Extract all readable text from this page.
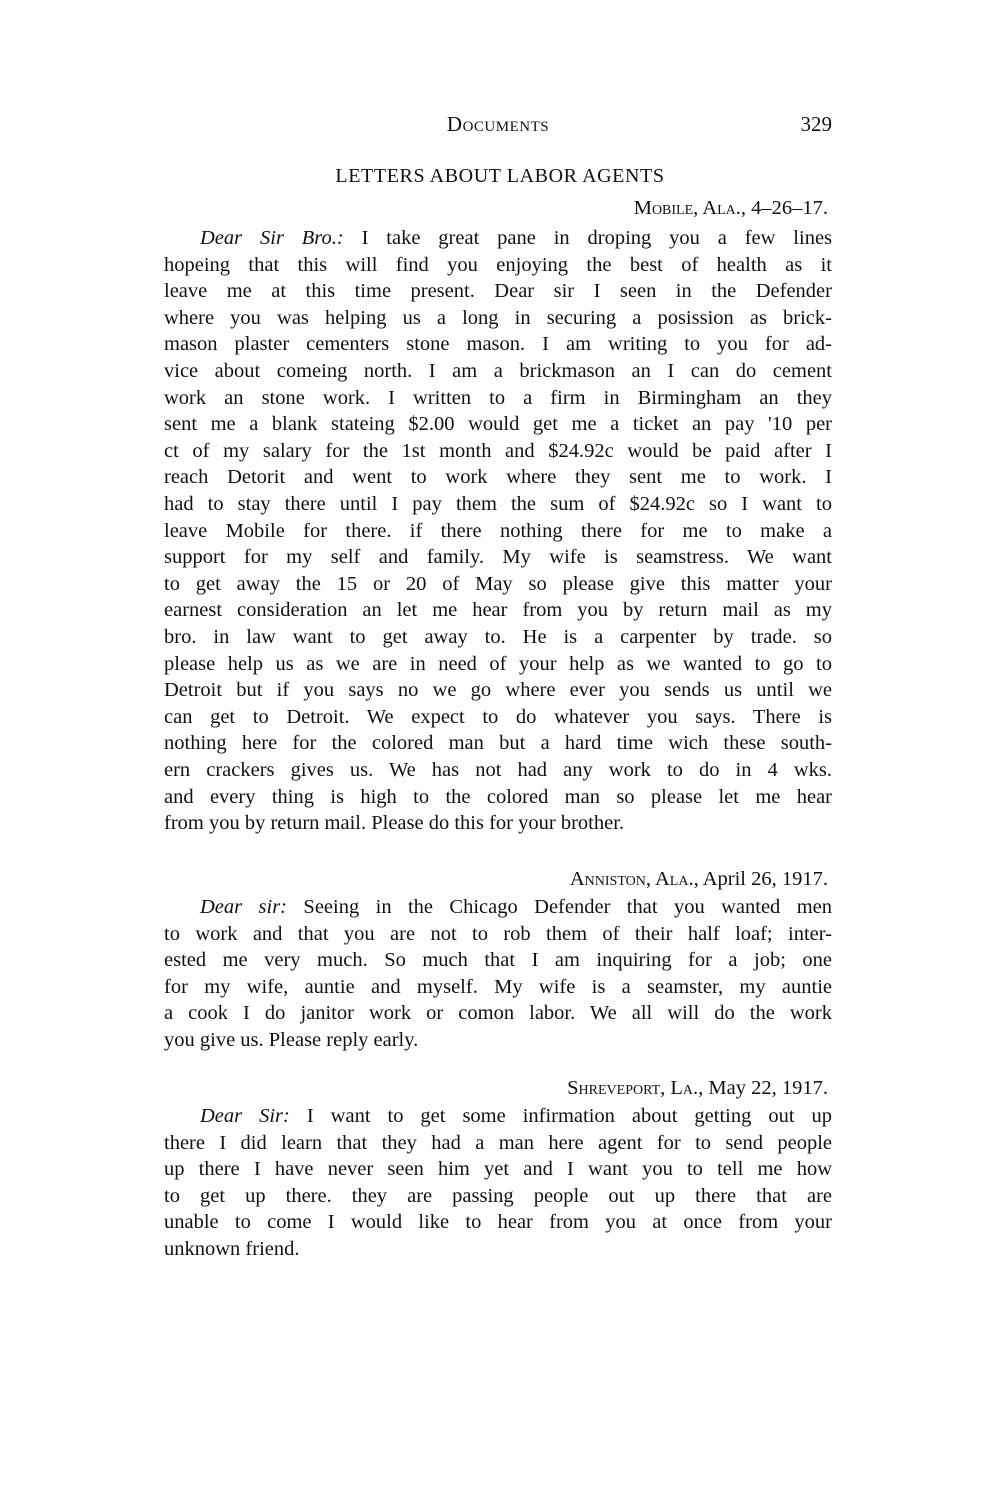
Documents	329
LETTERS ABOUT LABOR AGENTS
Mobile, Ala., 4–26–17.
Dear Sir Bro.: I take great pane in droping you a few lines
hopeing that this will find you enjoying the best of health as it
leave me at this time present. Dear sir I seen in the Defender
where you was helping us a long in securing a posission as brick-
mason plaster cementers stone mason. I am writing to you for ad-
vice about comeing north. I am a brickmason an I can do cement
work an stone work. I written to a firm in Birmingham an they
sent me a blank stateing $2.00 would get me a ticket an pay '10 per
ct of my salary for the 1st month and $24.92c would be paid after I
reach Detorit and went to work where they sent me to work. I
had to stay there until I pay them the sum of $24.92c so I want to
leave Mobile for there. if there nothing there for me to make a
support for my self and family. My wife is seamstress. We want
to get away the 15 or 20 of May so please give this matter your
earnest consideration an let me hear from you by return mail as my
bro. in law want to get away to. He is a carpenter by trade. so
please help us as we are in need of your help as we wanted to go to
Detroit but if you says no we go where ever you sends us until we
can get to Detroit. We expect to do whatever you says. There is
nothing here for the colored man but a hard time wich these south-
ern crackers gives us. We has not had any work to do in 4 wks.
and every thing is high to the colored man so please let me hear
from you by return mail. Please do this for your brother.
Anniston, Ala., April 26, 1917.
Dear sir: Seeing in the Chicago Defender that you wanted men
to work and that you are not to rob them of their half loaf; inter-
ested me very much. So much that I am inquiring for a job; one
for my wife, auntie and myself. My wife is a seamster, my auntie
a cook I do janitor work or comon labor. We all will do the work
you give us. Please reply early.
Shreveport, La., May 22, 1917.
Dear Sir: I want to get some infirmation about getting out up
there I did learn that they had a man here agent for to send people
up there I have never seen him yet and I want you to tell me how
to get up there. they are passing people out up there that are
unable to come I would like to hear from you at once from your
unknown friend.
